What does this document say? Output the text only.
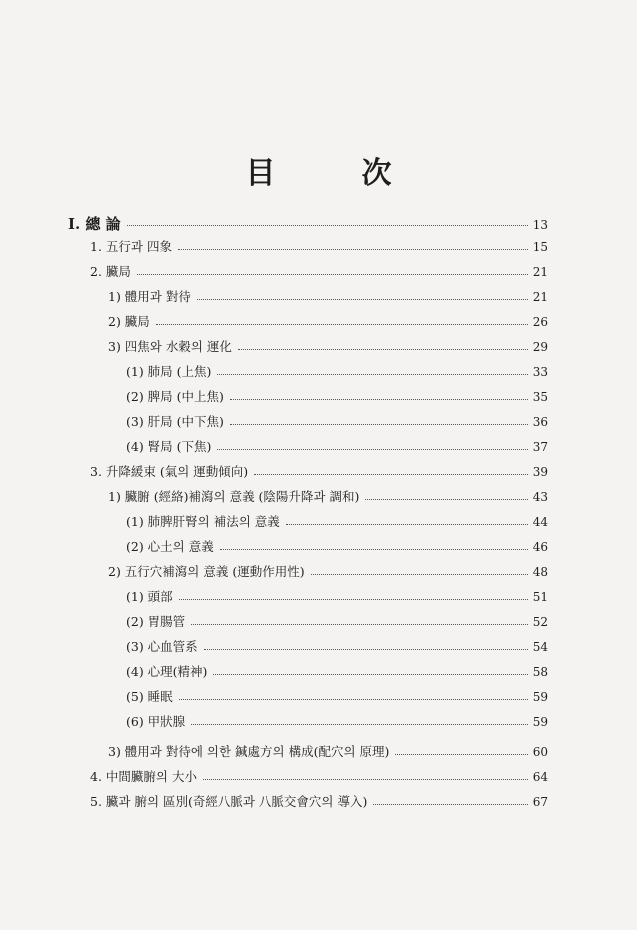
目　次
I. 總 論	13
1. 五行과 四象	15
2. 臟局	21
1) 體用과 對待	21
2) 臟局	26
3) 四焦와 水穀의 運化	29
(1) 肺局 (上焦)	33
(2) 脾局 (中上焦)	35
(3) 肝局 (中下焦)	36
(4) 腎局 (下焦)	37
3. 升降緩束 (氣의 運動傾向)	39
1) 臟腑 (經絡)補瀉의 意義 (陰陽升降과 調和)	43
(1) 肺脾肝腎의 補法의 意義	44
(2) 心土의 意義	46
2) 五行穴補瀉의 意義 (運動作用性)	48
(1) 頭部	51
(2) 胃腸管	52
(3) 心血管系	54
(4) 心理(精神)	58
(5) 睡眠	59
(6) 甲狀腺	59
3) 體用과 對待에 의한 鍼處方의 構成(配穴의 原理)	60
4. 中間臟腑의 大小	64
5. 臟과 腑의 區別(奇經八脈과 八脈交會穴의 導入)	67
